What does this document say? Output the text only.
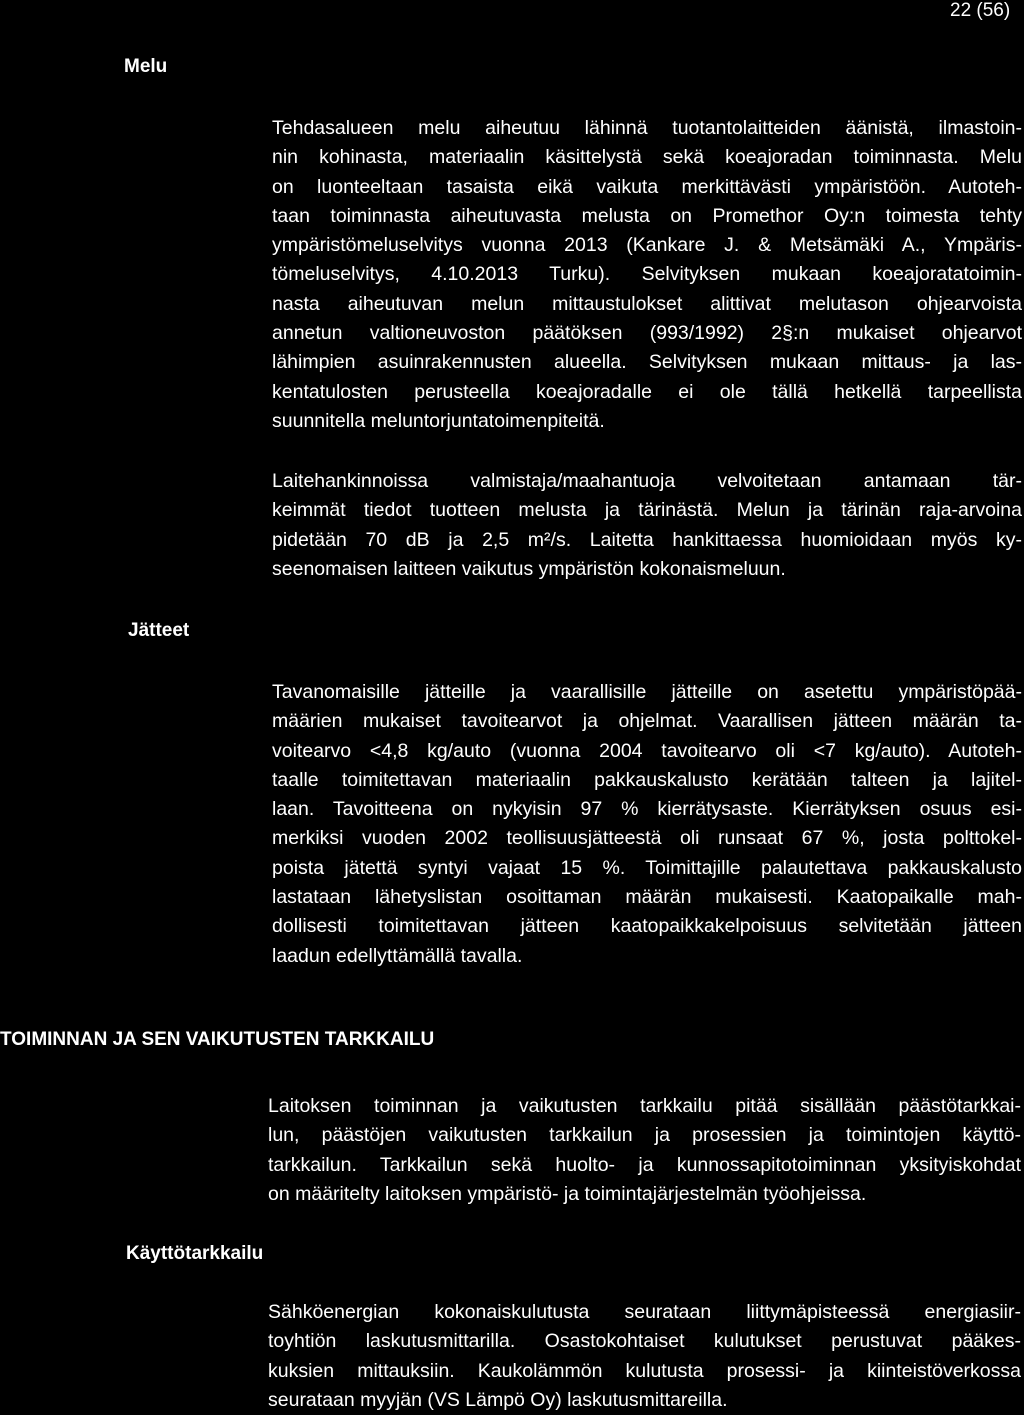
22 (56)
Melu
Tehdasalueen melu aiheutuu lähinnä tuotantolaitteiden äänistä, ilmastoin-
nin kohinasta, materiaalin käsittelystä sekä koeajoradan toiminnasta. Melu
on luonteeltaan tasaista eikä vaikuta merkittävästi ympäristöön. Autoteh-
taan toiminnasta aiheutuvasta melusta on Promethor Oy:n toimesta tehty
ympäristömeluselvitys vuonna 2013 (Kankare J. & Metsämäki A., Ympäris-
tömeluselvitys, 4.10.2013 Turku). Selvityksen mukaan koeajoratatoimin-
nasta aiheutuvan melun mittaustulokset alittivat melutason ohjearvoista
annetun valtioneuvoston päätöksen (993/1992) 2§:n mukaiset ohjearvot
lähimpien asuinrakennusten alueella. Selvityksen mukaan mittaus- ja las-
kentatulosten perusteella koeajoradalle ei ole tällä hetkellä tarpeellista
suunnitella meluntorjuntatoimenpiteitä.
Laitehankinnoissa valmistaja/maahantuoja velvoitetaan antamaan tär-
keimmät tiedot tuotteen melusta ja tärinästä. Melun ja tärinän raja-arvoina
pidetään 70 dB ja 2,5 m²/s. Laitetta hankittaessa huomioidaan myös ky-
seenomaisen laitteen vaikutus ympäristön kokonaismeluun.
Jätteet
Tavanomaisille jätteille ja vaarallisille jätteille on asetettu ympäristöpää-
määrien mukaiset tavoitearvot ja ohjelmat. Vaarallisen jätteen määrän ta-
voitearvo <4,8 kg/auto (vuonna 2004 tavoitearvo oli <7 kg/auto). Autoteh-
taalle toimitettavan materiaalin pakkauskalusto kerätään talteen ja lajitel-
laan. Tavoitteena on nykyisin 97 % kierrätysaste. Kierrätyksen osuus esi-
merkiksi vuoden 2002 teollisuusjätteestä oli runsaat 67 %, josta polttokel-
poista jätettä syntyi vajaat 15 %. Toimittajille palautettava pakkauskalusto
lastataan lähetyslistan osoittaman määrän mukaisesti. Kaatopaikalle mah-
dollisesti toimitettavan jätteen kaatopaikkakelpoisuus selvitetään jätteen
laadun edellyttämällä tavalla.
TOIMINNAN JA SEN VAIKUTUSTEN TARKKAILU
Laitoksen toiminnan ja vaikutusten tarkkailu pitää sisällään päästötarkkai-
lun, päästöjen vaikutusten tarkkailun ja prosessien ja toimintojen käyttö-
tarkkailun. Tarkkailun sekä huolto- ja kunnossapitotoiminnan yksityiskohdat
on määritelty laitoksen ympäristö- ja toimintajärjestelmän työohjeissa.
Käyttötarkkailu
Sähköenergian kokonaiskulutusta seurataan liittymäpisteessä energiasiir-
toyhtiön laskutusmittarilla. Osastokohtaiset kulutukset perustuvat pääkes-
kuksien mittauksiin. Kaukolämmön kulutusta prosessi- ja kiinteistöverkossa
seurataan myyjän (VS Lämpö Oy) laskutusmittareilla.
